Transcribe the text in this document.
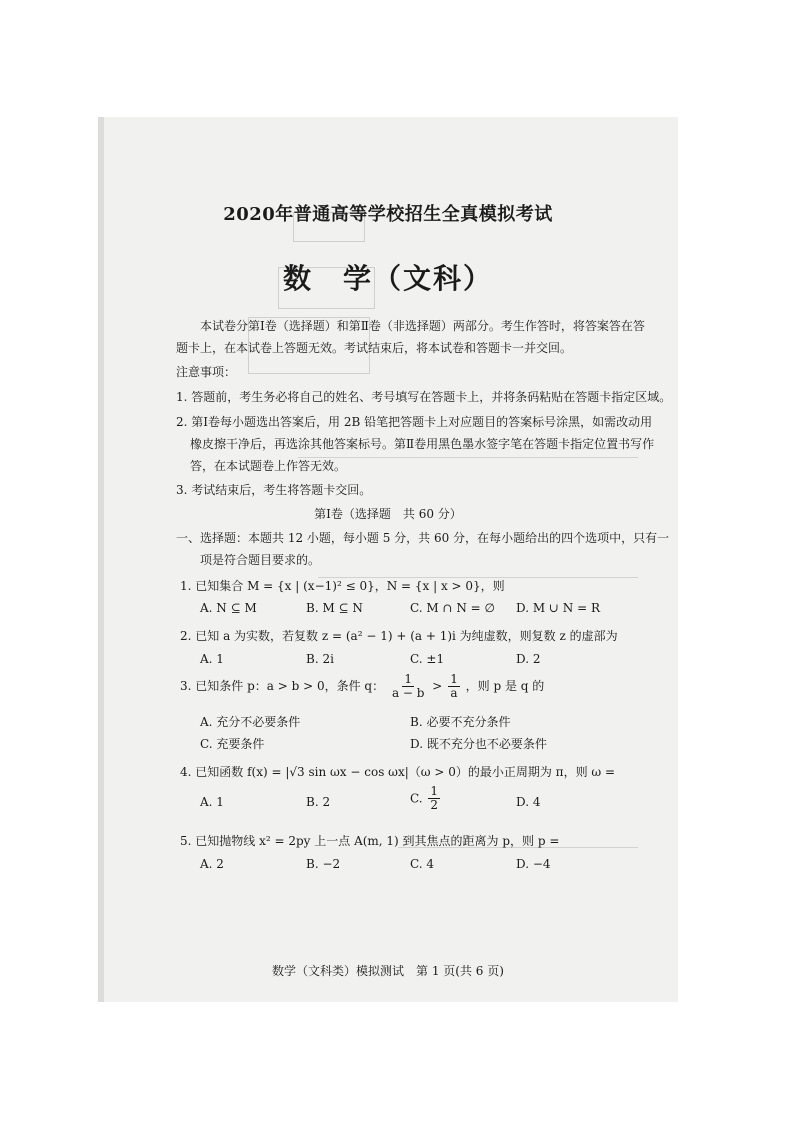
2020年普通高等学校招生全真模拟考试
数　学（文科）
本试卷分第Ⅰ卷（选择题）和第Ⅱ卷（非选择题）两部分。考生作答时，将答案答在答
题卡上，在本试卷上答题无效。考试结束后，将本试卷和答题卡一并交回。
注意事项：
1. 答题前，考生务必将自己的姓名、考号填写在答题卡上，并将条码粘贴在答题卡指定区域。
2. 第Ⅰ卷每小题选出答案后，用 2B 铅笔把答题卡上对应题目的答案标号涂黑，如需改动用
橡皮擦干净后，再选涂其他答案标号。第Ⅱ卷用黑色墨水签字笔在答题卡指定位置书写作
答，在本试题卷上作答无效。
3. 考试结束后，考生将答题卡交回。
第Ⅰ卷（选择题　共 60 分）
一、选择题：本题共 12 小题，每小题 5 分，共 60 分，在每小题给出的四个选项中，只有一
项是符合题目要求的。
1. 已知集合 M = {x | (x−1)² ≤ 0}，N = {x | x > 0}，则
A. N ⊆ M	B. M ⊆ N	C. M ∩ N = ∅ D. M ∪ N = R
2. 已知 a 为实数，若复数 z = (a² − 1) + (a + 1)i 为纯虚数，则复数 z 的虚部为
A. 1	B. 2i	C. ±1	D. 2
3. 已知条件 p：a > b > 0，条件 q： $\frac{1}{a - b} > \frac{1}{a}$ ，则 p 是 q 的
A. 充分不必要条件	B. 必要不充分条件
C. 充要条件	D. 既不充分也不必要条件
4. 已知函数 f(x) = |√3 sin ωx − cos ωx|（ω > 0）的最小正周期为 π，则 ω =
A. 1	B. 2	C. $\frac{1}{2}$	D. 4
5. 已知抛物线 x² = 2py 上一点 A(m, 1) 到其焦点的距离为 p，则 p =
A. 2	B. −2	C. 4	D. −4
数学（文科类）模拟测试　第 1 页(共 6 页)
